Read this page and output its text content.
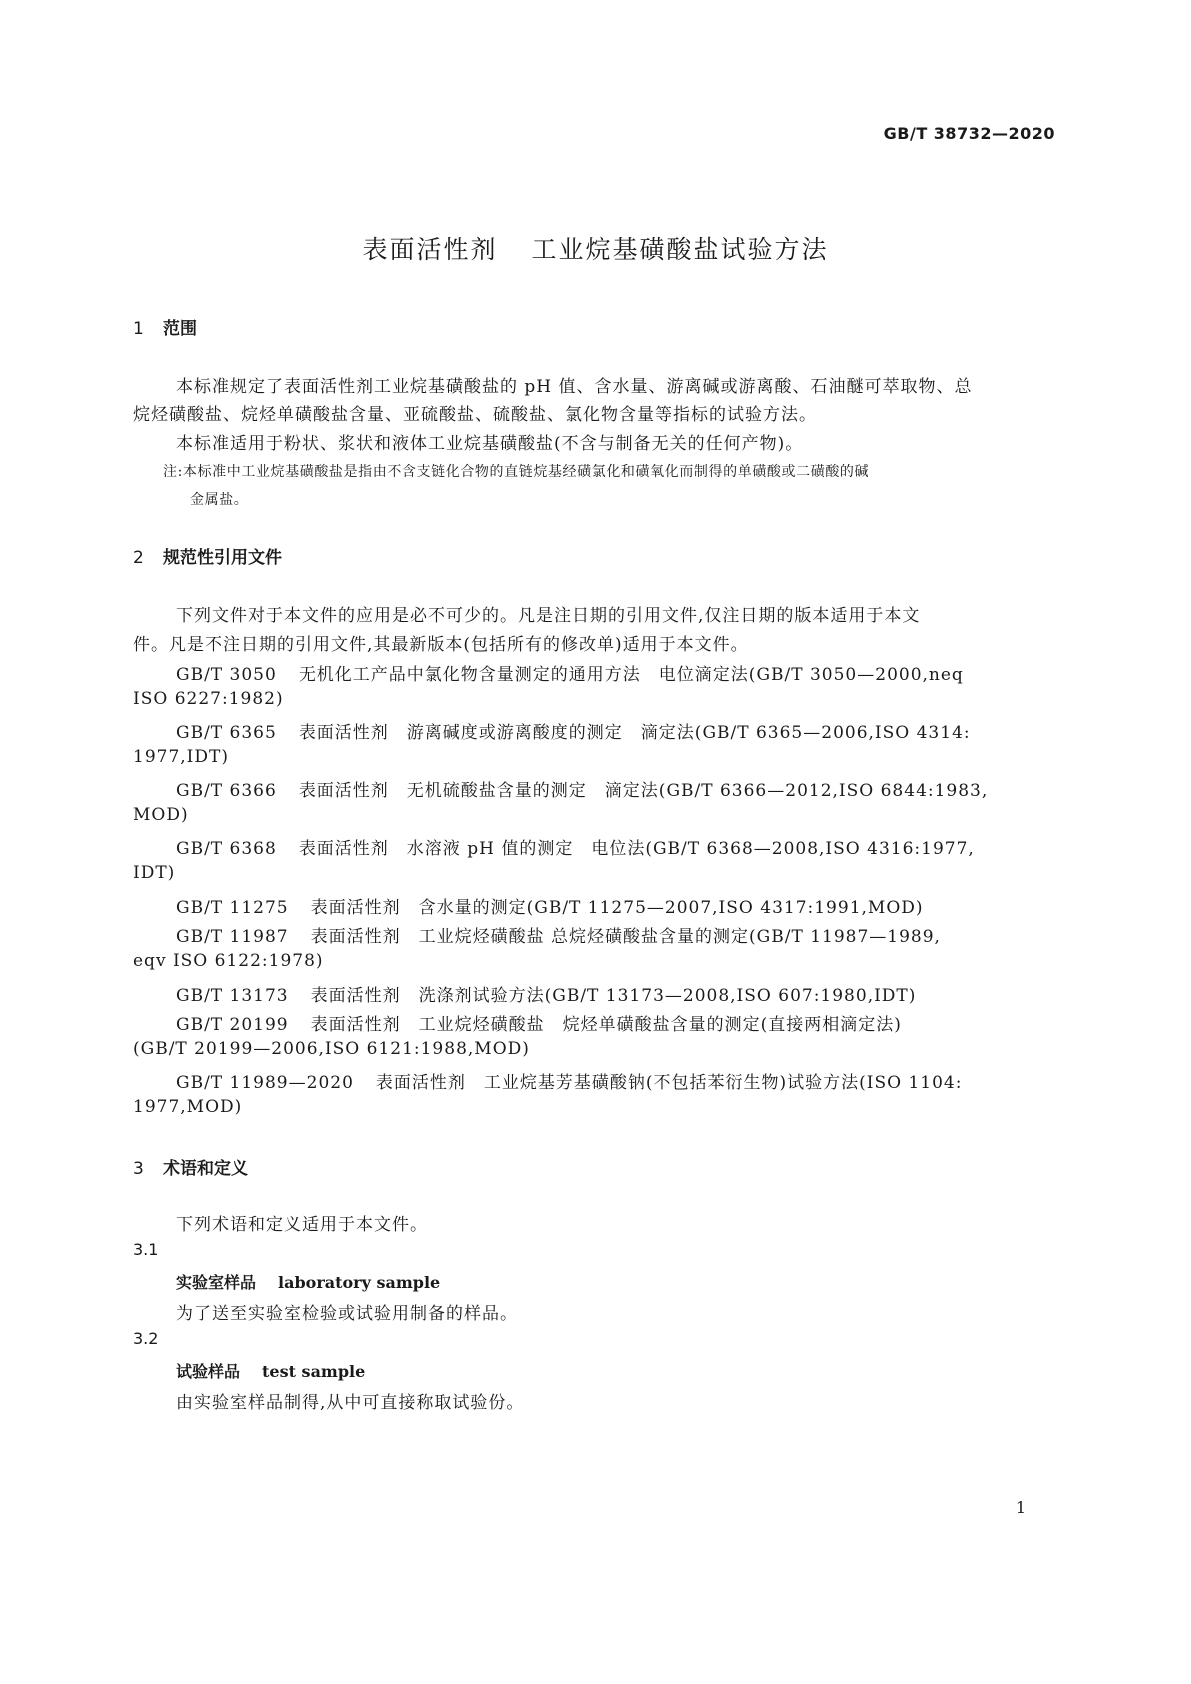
GB/T 38732—2020
表面活性剂 工业烷基磺酸盐试验方法
1 范围
本标准规定了表面活性剂工业烷基磺酸盐的 pH 值、含水量、游离碱或游离酸、石油醚可萃取物、总
烷烃磺酸盐、烷烃单磺酸盐含量、亚硫酸盐、硫酸盐、氯化物含量等指标的试验方法。
本标准适用于粉状、浆状和液体工业烷基磺酸盐(不含与制备无关的任何产物)。
注:本标准中工业烷基磺酸盐是指由不含支链化合物的直链烷基经磺氯化和磺氧化而制得的单磺酸或二磺酸的碱
金属盐。
2 规范性引用文件
下列文件对于本文件的应用是必不可少的。凡是注日期的引用文件,仅注日期的版本适用于本文
件。凡是不注日期的引用文件,其最新版本(包括所有的修改单)适用于本文件。
GB/T 3050 无机化工产品中氯化物含量测定的通用方法　电位滴定法(GB/T 3050—2000,neq
ISO 6227:1982)
GB/T 6365 表面活性剂　游离碱度或游离酸度的测定　滴定法(GB/T 6365—2006,ISO 4314:
1977,IDT)
GB/T 6366 表面活性剂　无机硫酸盐含量的测定　滴定法(GB/T 6366—2012,ISO 6844:1983,
MOD)
GB/T 6368 表面活性剂　水溶液 pH 值的测定　电位法(GB/T 6368—2008,ISO 4316:1977,
IDT)
GB/T 11275 表面活性剂　含水量的测定(GB/T 11275—2007,ISO 4317:1991,MOD)
GB/T 11987 表面活性剂　工业烷烃磺酸盐 总烷烃磺酸盐含量的测定(GB/T 11987—1989,
eqv ISO 6122:1978)
GB/T 13173 表面活性剂　洗涤剂试验方法(GB/T 13173—2008,ISO 607:1980,IDT)
GB/T 20199 表面活性剂　工业烷烃磺酸盐　烷烃单磺酸盐含量的测定(直接两相滴定法)
(GB/T 20199—2006,ISO 6121:1988,MOD)
GB/T 11989—2020 表面活性剂　工业烷基芳基磺酸钠(不包括苯衍生物)试验方法(ISO 1104:
1977,MOD)
3 术语和定义
下列术语和定义适用于本文件。
3.1
实验室样品 laboratory sample
为了送至实验室检验或试验用制备的样品。
3.2
试验样品 test sample
由实验室样品制得,从中可直接称取试验份。
1
